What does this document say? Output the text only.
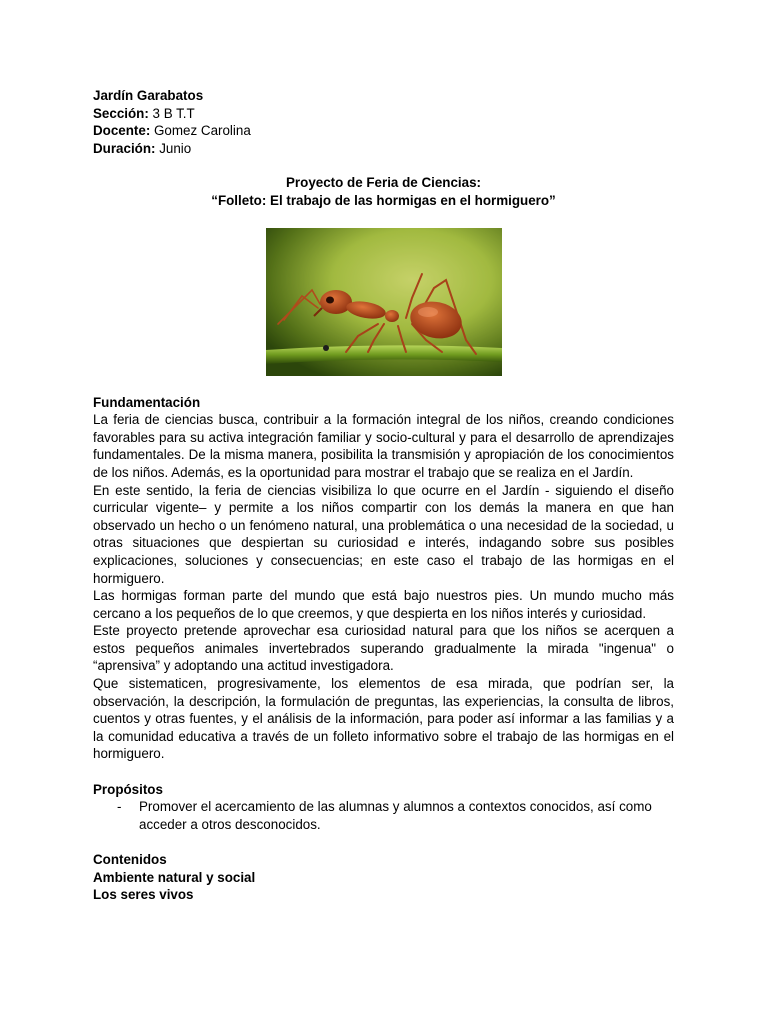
Jardín Garabatos

Sección: 3 B T.T

Docente: Gomez Carolina

Duración: Junio

Proyecto de Feria de Ciencias:

“Folleto: El trabajo de las hormigas en el hormiguero”

Fundamentación

La feria de ciencias busca, contribuir a la formación integral de los niños, creando condiciones favorables para su activa integración familiar y socio-cultural y para el desarrollo de aprendizajes fundamentales. De la misma manera, posibilita la transmisión y apropiación de los conocimientos de los niños. Además, es la oportunidad para mostrar el trabajo que se realiza en el Jardín.

En este sentido, la feria de ciencias visibiliza lo que ocurre en el Jardín - siguiendo el diseño curricular vigente– y permite a los niños compartir con los demás la manera en que han observado un hecho o un fenómeno natural, una problemática o una necesidad de la sociedad, u otras situaciones que despiertan su curiosidad e interés, indagando sobre sus posibles explicaciones, soluciones y consecuencias; en este caso el trabajo de las hormigas en el hormiguero.

Las hormigas forman parte del mundo que está bajo nuestros pies. Un mundo mucho más cercano a los pequeños de lo que creemos, y que despierta en los niños interés y curiosidad.

Este proyecto pretende aprovechar esa curiosidad natural para que los niños se acerquen a estos pequeños animales invertebrados superando gradualmente la mirada "ingenua" o “aprensiva” y adoptando una actitud investigadora.

Que sistematicen, progresivamente, los elementos de esa mirada, que podrían ser, la observación, la descripción, la formulación de preguntas, las experiencias, la consulta de libros, cuentos y otras fuentes, y el análisis de la información, para poder así informar a las familias y a la comunidad educativa a través de un folleto informativo sobre el trabajo de las hormigas en el hormiguero.

Propósitos

- Promover el acercamiento de las alumnas y alumnos a contextos conocidos, así como acceder a otros desconocidos.

Contenidos

Ambiente natural y social

Los seres vivos
